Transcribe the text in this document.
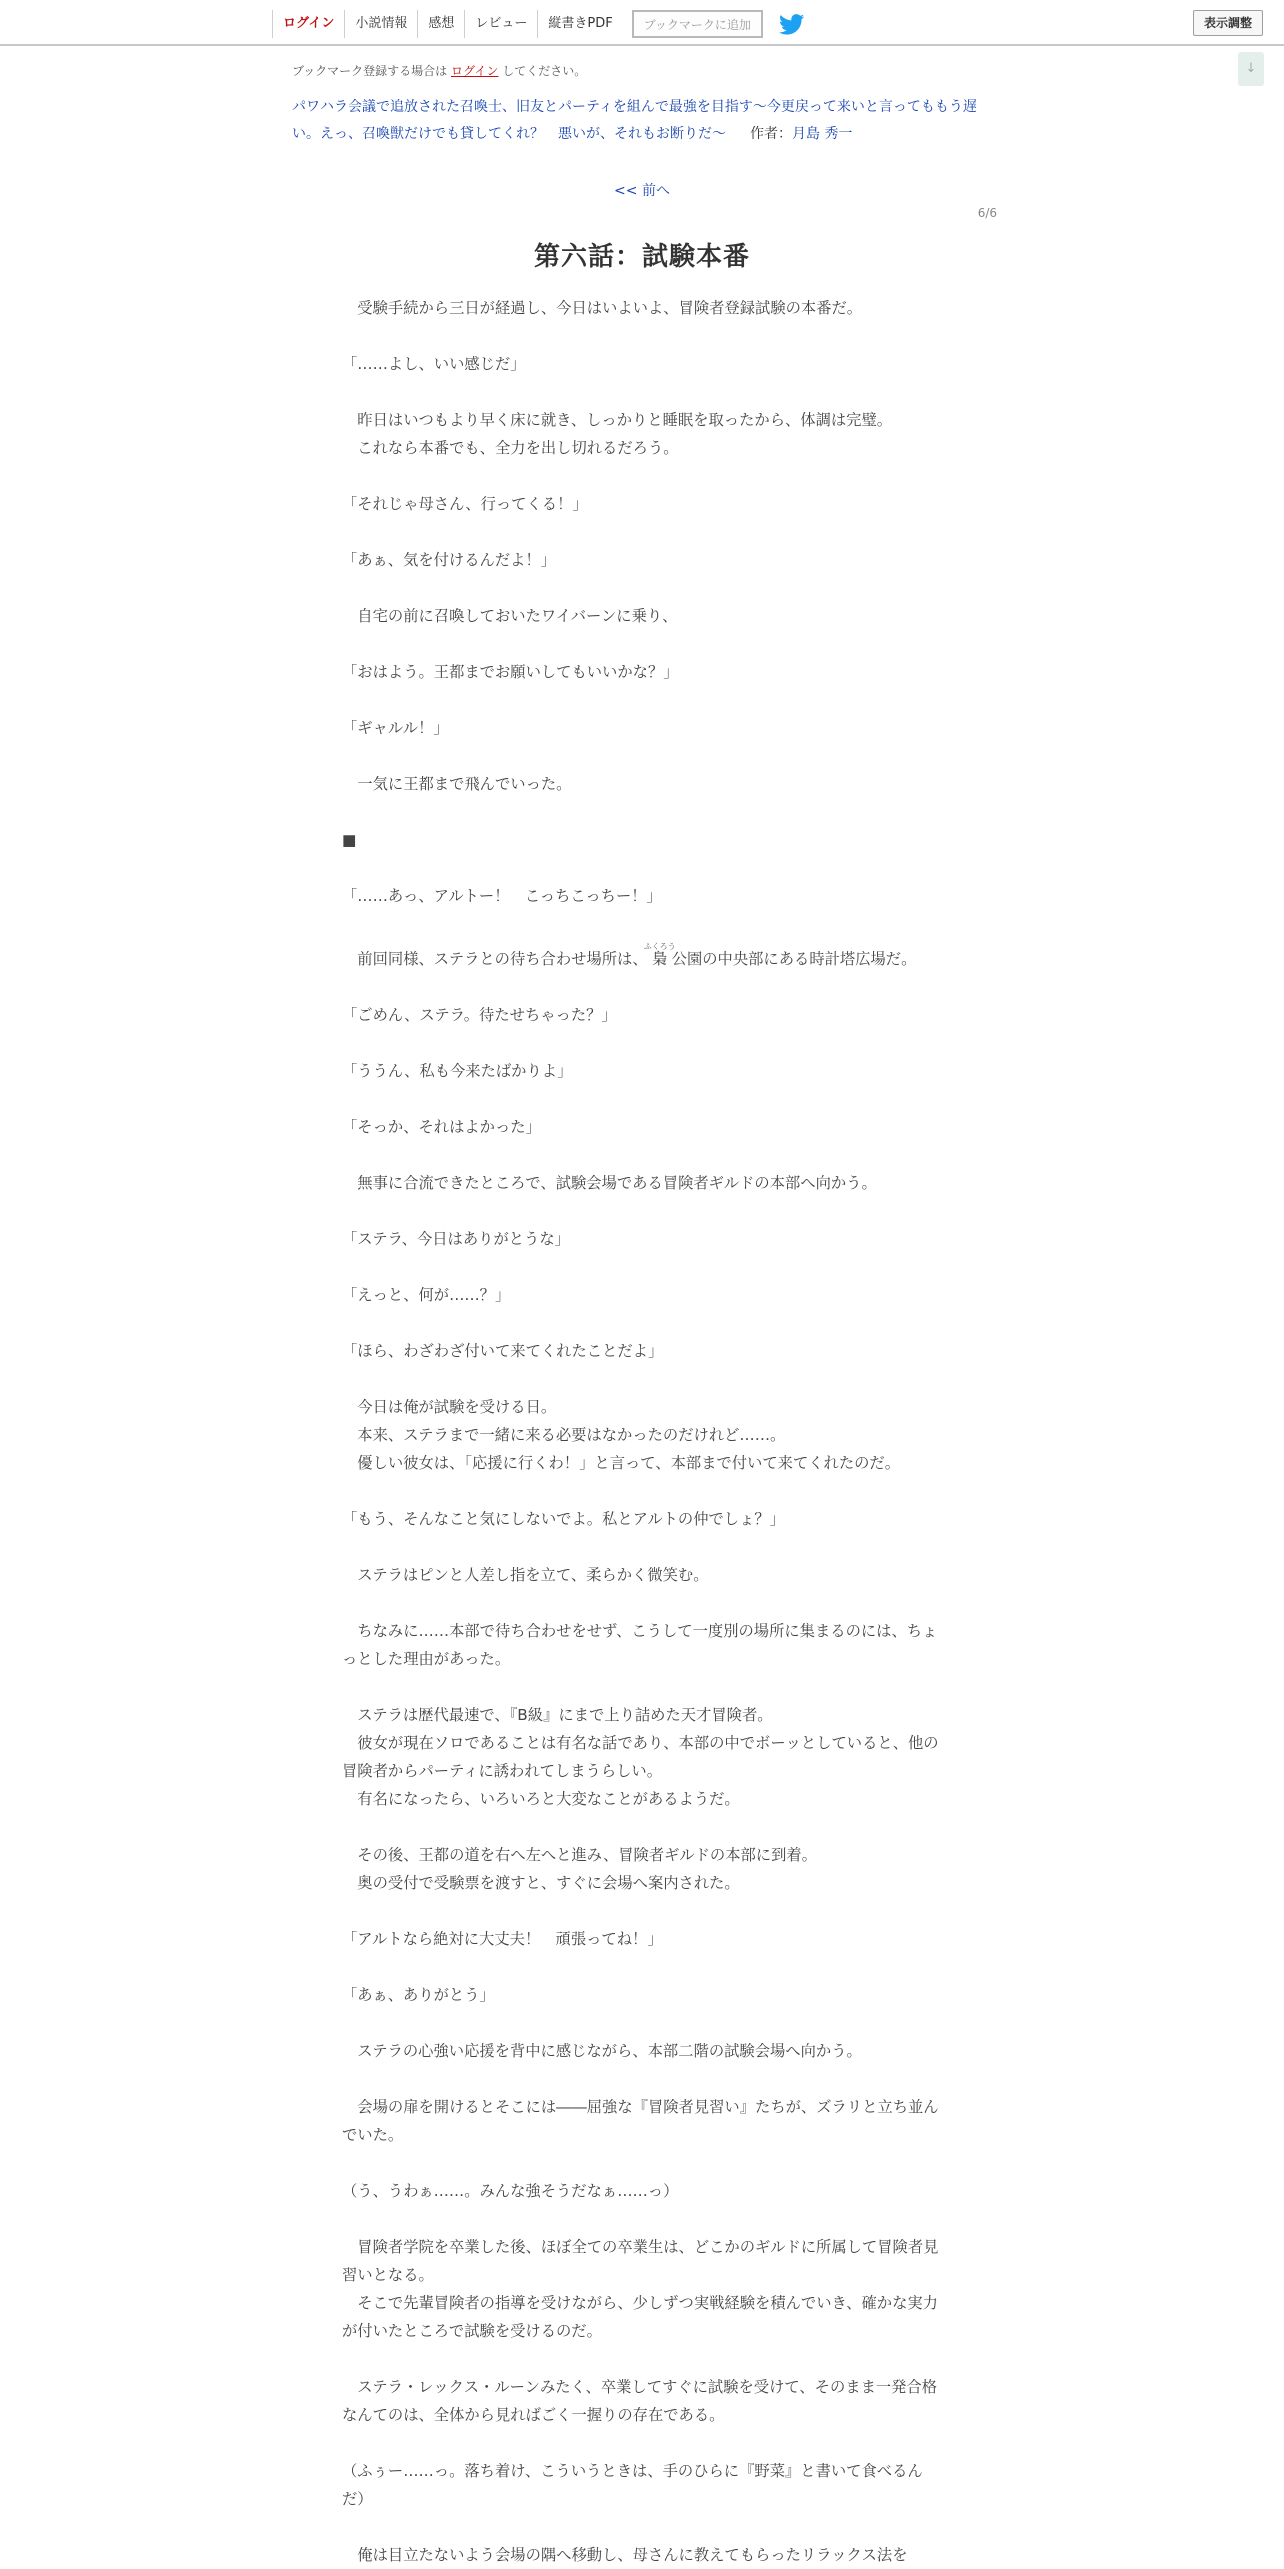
ログイン	小説情報	感想	レビュー	縦書きPDF	ブックマークに追加	表示調整
↓
ブックマーク登録する場合は ログイン してください。
パワハラ会議で追放された召喚士、旧友とパーティを組んで最強を目指す～今更戻って来いと言ってももう遅い。えっ、召喚獣だけでも貸してくれ？　悪いが、それもお断りだ～ 作者：月島 秀一
<< 前へ
6/6
第六話：試験本番

　受験手続から三日が経過し、今日はいよいよ、冒険者登録試験の本番だ。

「……よし、いい感じだ」

　昨日はいつもより早く床に就き、しっかりと睡眠を取ったから、体調は完璧。

　これなら本番でも、全力を出し切れるだろう。

「それじゃ母さん、行ってくる！」

「あぁ、気を付けるんだよ！」

　自宅の前に召喚しておいたワイバーンに乗り、

「おはよう。王都までお願いしてもいいかな？」

「ギャルル！」

　一気に王都まで飛んでいった。

■

「……あっ、アルトー！　こっちこっちー！」

　前回同様、ステラとの待ち合わせ場所は、梟ふくろう公園の中央部にある時計塔広場だ。

「ごめん、ステラ。待たせちゃった？」

「ううん、私も今来たばかりよ」

「そっか、それはよかった」

　無事に合流できたところで、試験会場である冒険者ギルドの本部へ向かう。

「ステラ、今日はありがとうな」

「えっと、何が……？」

「ほら、わざわざ付いて来てくれたことだよ」

　今日は俺が試験を受ける日。

　本来、ステラまで一緒に来る必要はなかったのだけれど……。

　優しい彼女は、「応援に行くわ！」と言って、本部まで付いて来てくれたのだ。

「もう、そんなこと気にしないでよ。私とアルトの仲でしょ？」

　ステラはピンと人差し指を立て、柔らかく微笑む。

　ちなみに……本部で待ち合わせをせず、こうして一度別の場所に集まるのには、ちょっとした理由があった。

　ステラは歴代最速で、『B級』にまで上り詰めた天才冒険者。

　彼女が現在ソロであることは有名な話であり、本部の中でボーッとしていると、他の冒険者からパーティに誘われてしまうらしい。

　有名になったら、いろいろと大変なことがあるようだ。

　その後、王都の道を右へ左へと進み、冒険者ギルドの本部に到着。

　奥の受付で受験票を渡すと、すぐに会場へ案内された。

「アルトなら絶対に大丈夫！　頑張ってね！」

「あぁ、ありがとう」

　ステラの心強い応援を背中に感じながら、本部二階の試験会場へ向かう。

　会場の扉を開けるとそこには――屈強な『冒険者見習い』たちが、ズラリと立ち並んでいた。

（う、うわぁ……。みんな強そうだなぁ……っ）

　冒険者学院を卒業した後、ほぼ全ての卒業生は、どこかのギルドに所属して冒険者見習いとなる。

　そこで先輩冒険者の指導を受けながら、少しずつ実戦経験を積んでいき、確かな実力が付いたところで試験を受けるのだ。

　ステラ・レックス・ルーンみたく、卒業してすぐに試験を受けて、そのまま一発合格なんてのは、全体から見ればごく一握りの存在である。

（ふぅー……っ。落ち着け、こういうときは、手のひらに『野菜』と書いて食べるんだ）

　俺は目立たないよう会場の隅へ移動し、母さんに教えてもらったリラックス法を
